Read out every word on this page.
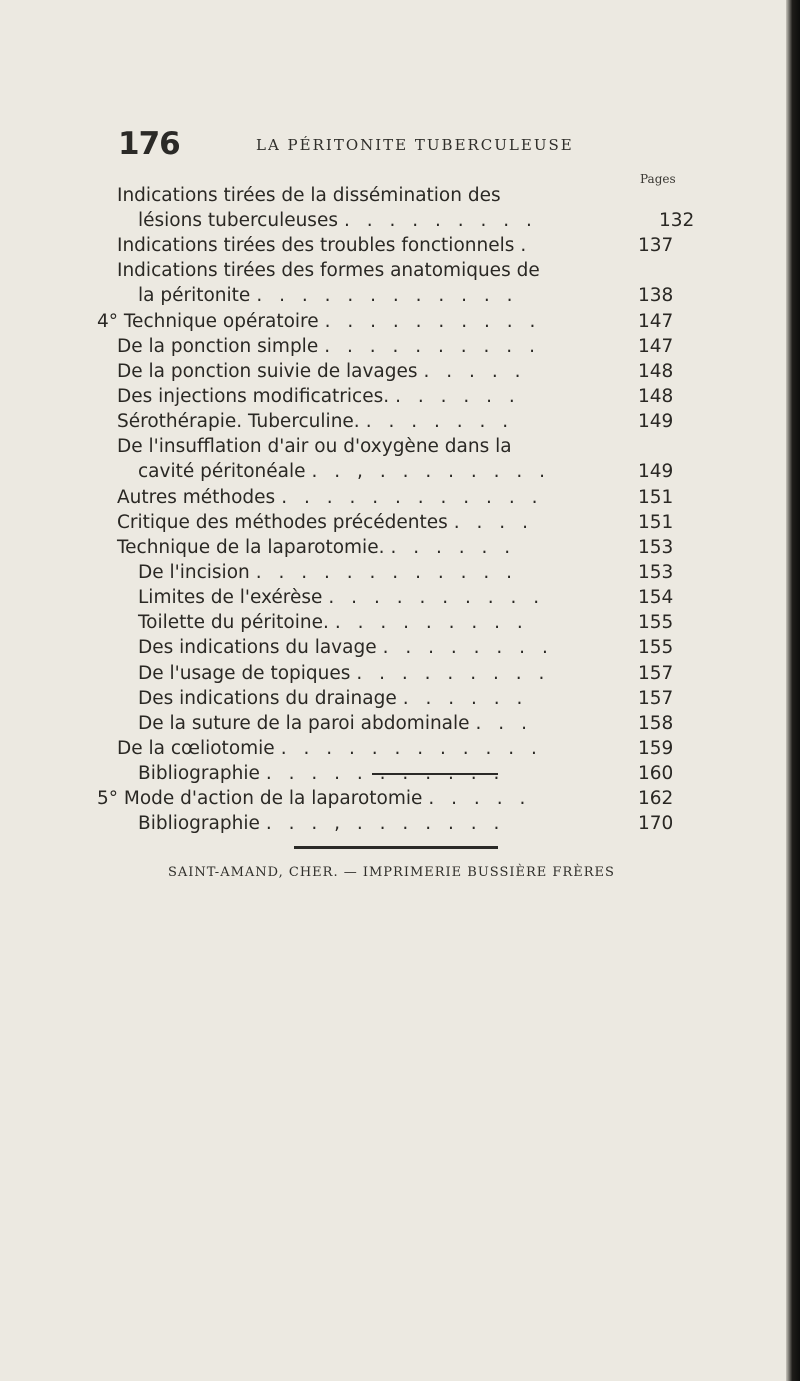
176	LA PÉRITONITE TUBERCULEUSE
Pages
Indications tirées de la dissémination des
lésions tuberculeuses . . . . . . . . .	132
Indications tirées des troubles fonctionnels .	137
Indications tirées des formes anatomiques de
la péritonite . . . . . . . . . . . .	138
4° Technique opératoire . . . . . . . . . .	147
De la ponction simple . . . . . . . . . .	147
De la ponction suivie de lavages . . . . .	148
Des injections modificatrices. . . . . . .	148
Sérothérapie. Tuberculine. . . . . . . .	149
De l'insufflation d'air ou d'oxygène dans la
cavité péritonéale . . , . . . . . . . .	149
Autres méthodes . . . . . . . . . . . .	151
Critique des méthodes précédentes . . . .	151
Technique de la laparotomie. . . . . . .	153
De l'incision . . . . . . . . . . . .	153
Limites de l'exérèse . . . . . . . . . .	154
Toilette du péritoine. . . . . . . . . .	155
Des indications du lavage . . . . . . . .	155
De l'usage de topiques . . . . . . . . .	157
Des indications du drainage . . . . . .	157
De la suture de la paroi abdominale . . .	158
De la cœliotomie . . . . . . . . . . . .	159
Bibliographie . . . . . . . . . . .	160
5° Mode d'action de la laparotomie . . . . .	162
Bibliographie . . . , . . . . . . .	170
SAINT-AMAND, CHER. — IMPRIMERIE BUSSIÈRE FRÈRES
